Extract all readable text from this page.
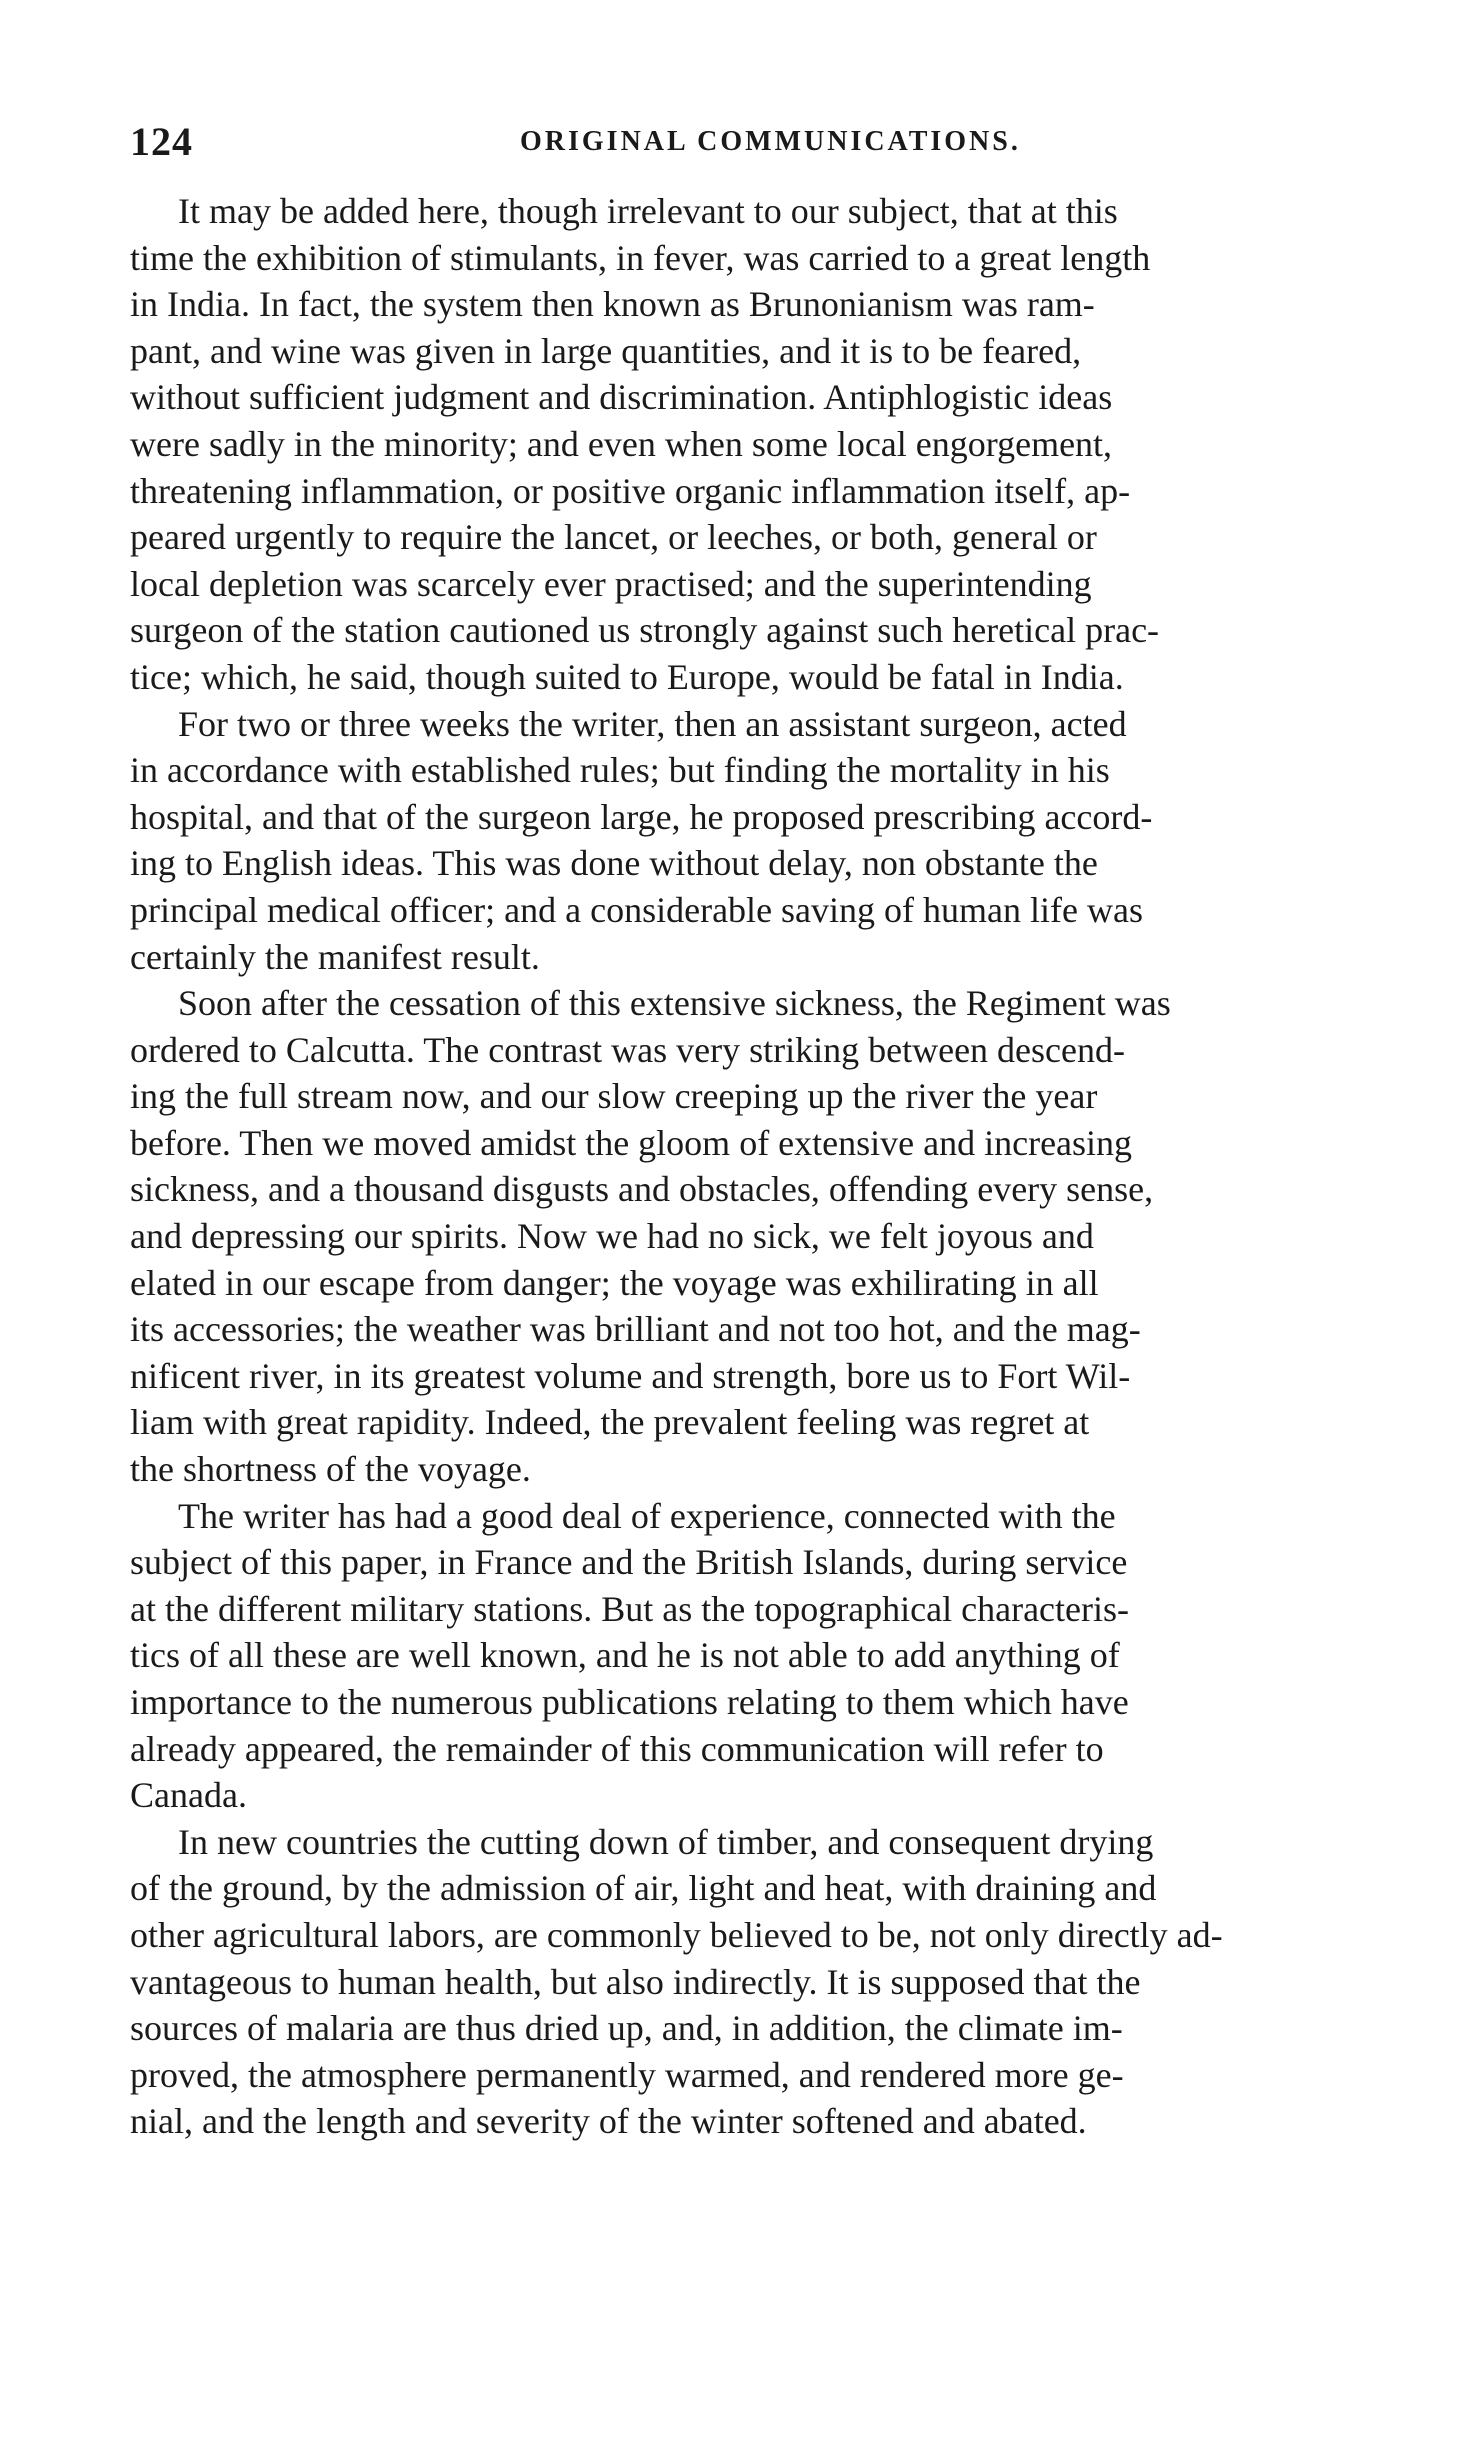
124	ORIGINAL COMMUNICATIONS.
It may be added here, though irrelevant to our subject, that at this
time the exhibition of stimulants, in fever, was carried to a great length
in India. In fact, the system then known as Brunonianism was ram-
pant, and wine was given in large quantities, and it is to be feared,
without sufficient judgment and discrimination. Antiphlogistic ideas
were sadly in the minority; and even when some local engorgement,
threatening inflammation, or positive organic inflammation itself, ap-
peared urgently to require the lancet, or leeches, or both, general or
local depletion was scarcely ever practised; and the superintending
surgeon of the station cautioned us strongly against such heretical prac-
tice; which, he said, though suited to Europe, would be fatal in India.
For two or three weeks the writer, then an assistant surgeon, acted
in accordance with established rules; but finding the mortality in his
hospital, and that of the surgeon large, he proposed prescribing accord-
ing to English ideas. This was done without delay, non obstante the
principal medical officer; and a considerable saving of human life was
certainly the manifest result.
Soon after the cessation of this extensive sickness, the Regiment was
ordered to Calcutta. The contrast was very striking between descend-
ing the full stream now, and our slow creeping up the river the year
before. Then we moved amidst the gloom of extensive and increasing
sickness, and a thousand disgusts and obstacles, offending every sense,
and depressing our spirits. Now we had no sick, we felt joyous and
elated in our escape from danger; the voyage was exhilirating in all
its accessories; the weather was brilliant and not too hot, and the mag-
nificent river, in its greatest volume and strength, bore us to Fort Wil-
liam with great rapidity. Indeed, the prevalent feeling was regret at
the shortness of the voyage.
The writer has had a good deal of experience, connected with the
subject of this paper, in France and the British Islands, during service
at the different military stations. But as the topographical characteris-
tics of all these are well known, and he is not able to add anything of
importance to the numerous publications relating to them which have
already appeared, the remainder of this communication will refer to
Canada.
In new countries the cutting down of timber, and consequent drying
of the ground, by the admission of air, light and heat, with draining and
other agricultural labors, are commonly believed to be, not only directly ad-
vantageous to human health, but also indirectly. It is supposed that the
sources of malaria are thus dried up, and, in addition, the climate im-
proved, the atmosphere permanently warmed, and rendered more ge-
nial, and the length and severity of the winter softened and abated.
